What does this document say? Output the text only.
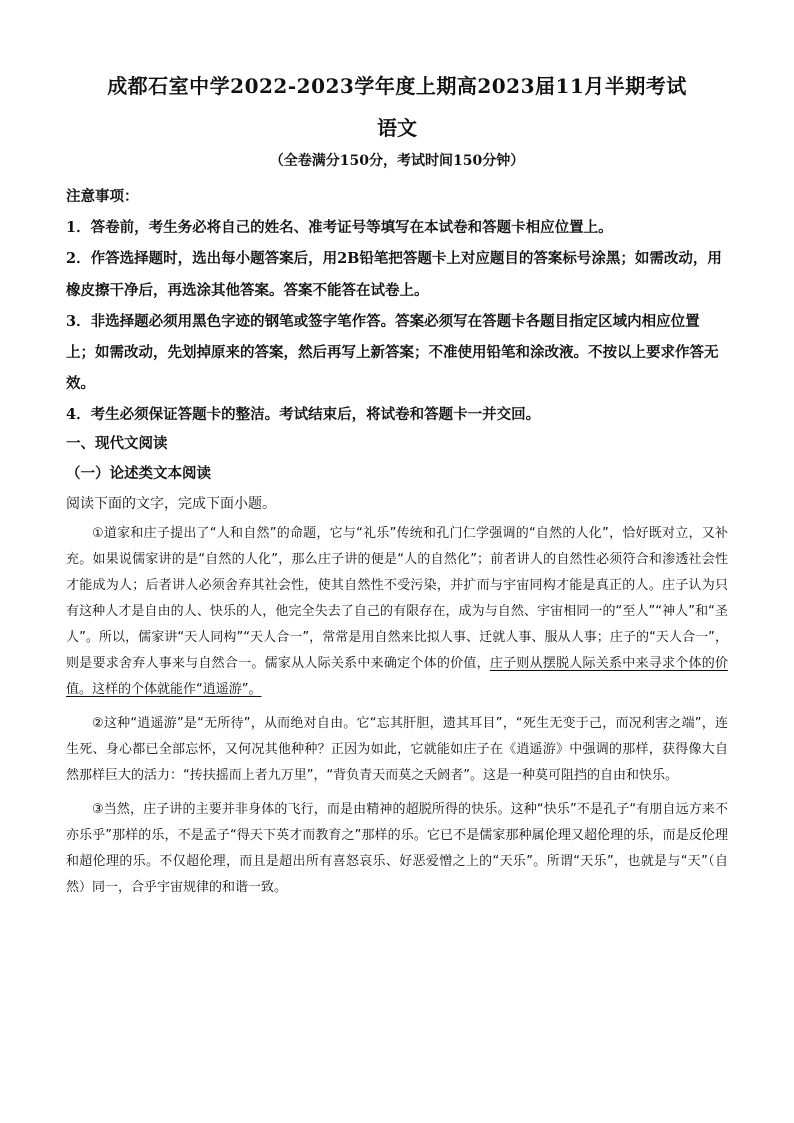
成都石室中学2022-2023学年度上期高2023届11月半期考试
语文
（全卷满分150分，考试时间150分钟）

注意事项：

1．答卷前，考生务必将自己的姓名、准考证号等填写在本试卷和答题卡相应位置上。

2．作答选择题时，选出每小题答案后，用2B铅笔把答题卡上对应题目的答案标号涂黑；如需改动，用橡皮擦干净后，再选涂其他答案。答案不能答在试卷上。

3．非选择题必须用黑色字迹的钢笔或签字笔作答。答案必须写在答题卡各题目指定区域内相应位置上；如需改动，先划掉原来的答案，然后再写上新答案；不准使用铅笔和涂改液。不按以上要求作答无效。

4．考生必须保证答题卡的整洁。考试结束后，将试卷和答题卡一并交回。

一、现代文阅读
（一）论述类文本阅读
阅读下面的文字，完成下面小题。

①道家和庄子提出了“人和自然”的命题，它与“礼乐”传统和孔门仁学强调的“自然的人化”，恰好既对立，又补充。如果说儒家讲的是“自然的人化”，那么庄子讲的便是“人的自然化”；前者讲人的自然性必须符合和渗透社会性才能成为人；后者讲人必须舍弃其社会性，使其自然性不受污染，并扩而与宇宙同构才能是真正的人。庄子认为只有这种人才是自由的人、快乐的人，他完全失去了自己的有限存在，成为与自然、宇宙相同一的“至人”“神人”和“圣人”。所以，儒家讲“天人同构”“天人合一”，常常是用自然来比拟人事、迁就人事、服从人事；庄子的“天人合一”，则是要求舍弃人事来与自然合一。儒家从人际关系中来确定个体的价值，庄子则从摆脱人际关系中来寻求个体的价值。这样的个体就能作“逍遥游”。

②这种“逍遥游”是“无所待”，从而绝对自由。它“忘其肝胆，遗其耳目”，“死生无变于己，而况利害之端”，连生死、身心都已全部忘怀，又何况其他种种？正因为如此，它就能如庄子在《逍遥游》中强调的那样，获得像大自然那样巨大的活力：“抟扶摇而上者九万里”，“背负青天而莫之夭阏者”。这是一种莫可阻挡的自由和快乐。

③当然，庄子讲的主要并非身体的飞行，而是由精神的超脱所得的快乐。这种“快乐”不是孔子“有朋自远方来不亦乐乎”那样的乐，不是孟子“得天下英才而教育之”那样的乐。它已不是儒家那种属伦理又超伦理的乐，而是反伦理和超伦理的乐。不仅超伦理，而且是超出所有喜怒哀乐、好恶爱憎之上的“天乐”。所谓“天乐”，也就是与“天”（自然）同一，合乎宇宙规律的和谐一致。
